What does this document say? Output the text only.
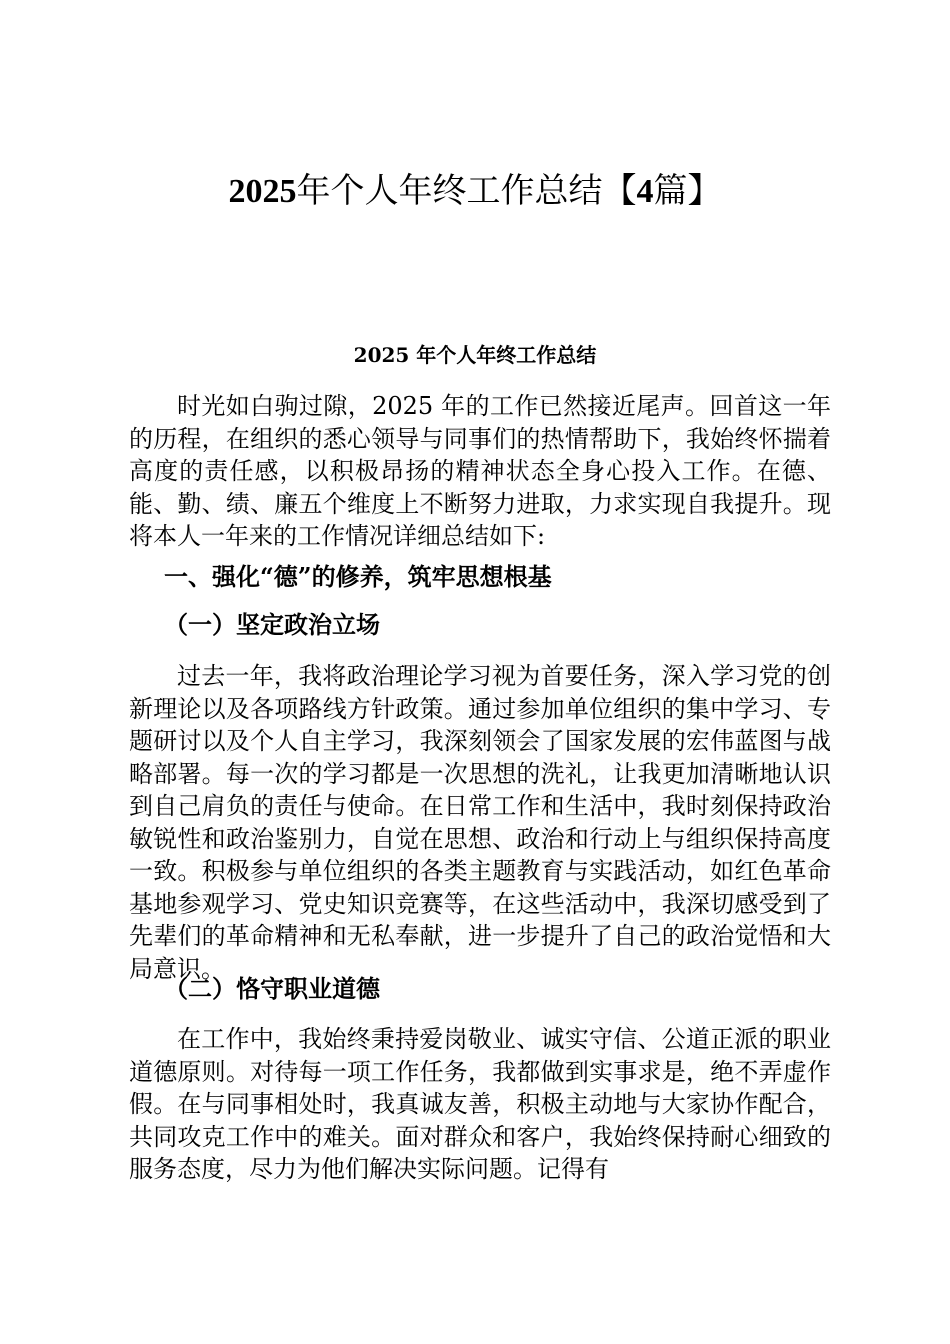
2025年个人年终工作总结【4篇】
2025 年个人年终工作总结

时光如白驹过隙，2025 年的工作已然接近尾声。回首这一年的历程，在组织的悉心领导与同事们的热情帮助下，我始终怀揣着高度的责任感，以积极昂扬的精神状态全身心投入工作。在德、能、勤、绩、廉五个维度上不断努力进取，力求实现自我提升。现将本人一年来的工作情况详细总结如下:

一、强化“德”的修养，筑牢思想根基
（一）坚定政治立场

过去一年，我将政治理论学习视为首要任务，深入学习党的创新理论以及各项路线方针政策。通过参加单位组织的集中学习、专题研讨以及个人自主学习，我深刻领会了国家发展的宏伟蓝图与战略部署。每一次的学习都是一次思想的洗礼，让我更加清晰地认识到自己肩负的责任与使命。在日常工作和生活中，我时刻保持政治敏锐性和政治鉴别力，自觉在思想、政治和行动上与组织保持高度一致。积极参与单位组织的各类主题教育与实践活动，如红色革命基地参观学习、党史知识竞赛等，在这些活动中，我深切感受到了先辈们的革命精神和无私奉献，进一步提升了自己的政治觉悟和大局意识。

（二）恪守职业道德

在工作中，我始终秉持爱岗敬业、诚实守信、公道正派的职业道德原则。对待每一项工作任务，我都做到实事求是，绝不弄虚作假。在与同事相处时，我真诚友善，积极主动地与大家协作配合，共同攻克工作中的难关。面对群众和客户，我始终保持耐心细致的服务态度，尽力为他们解决实际问题。记得有
